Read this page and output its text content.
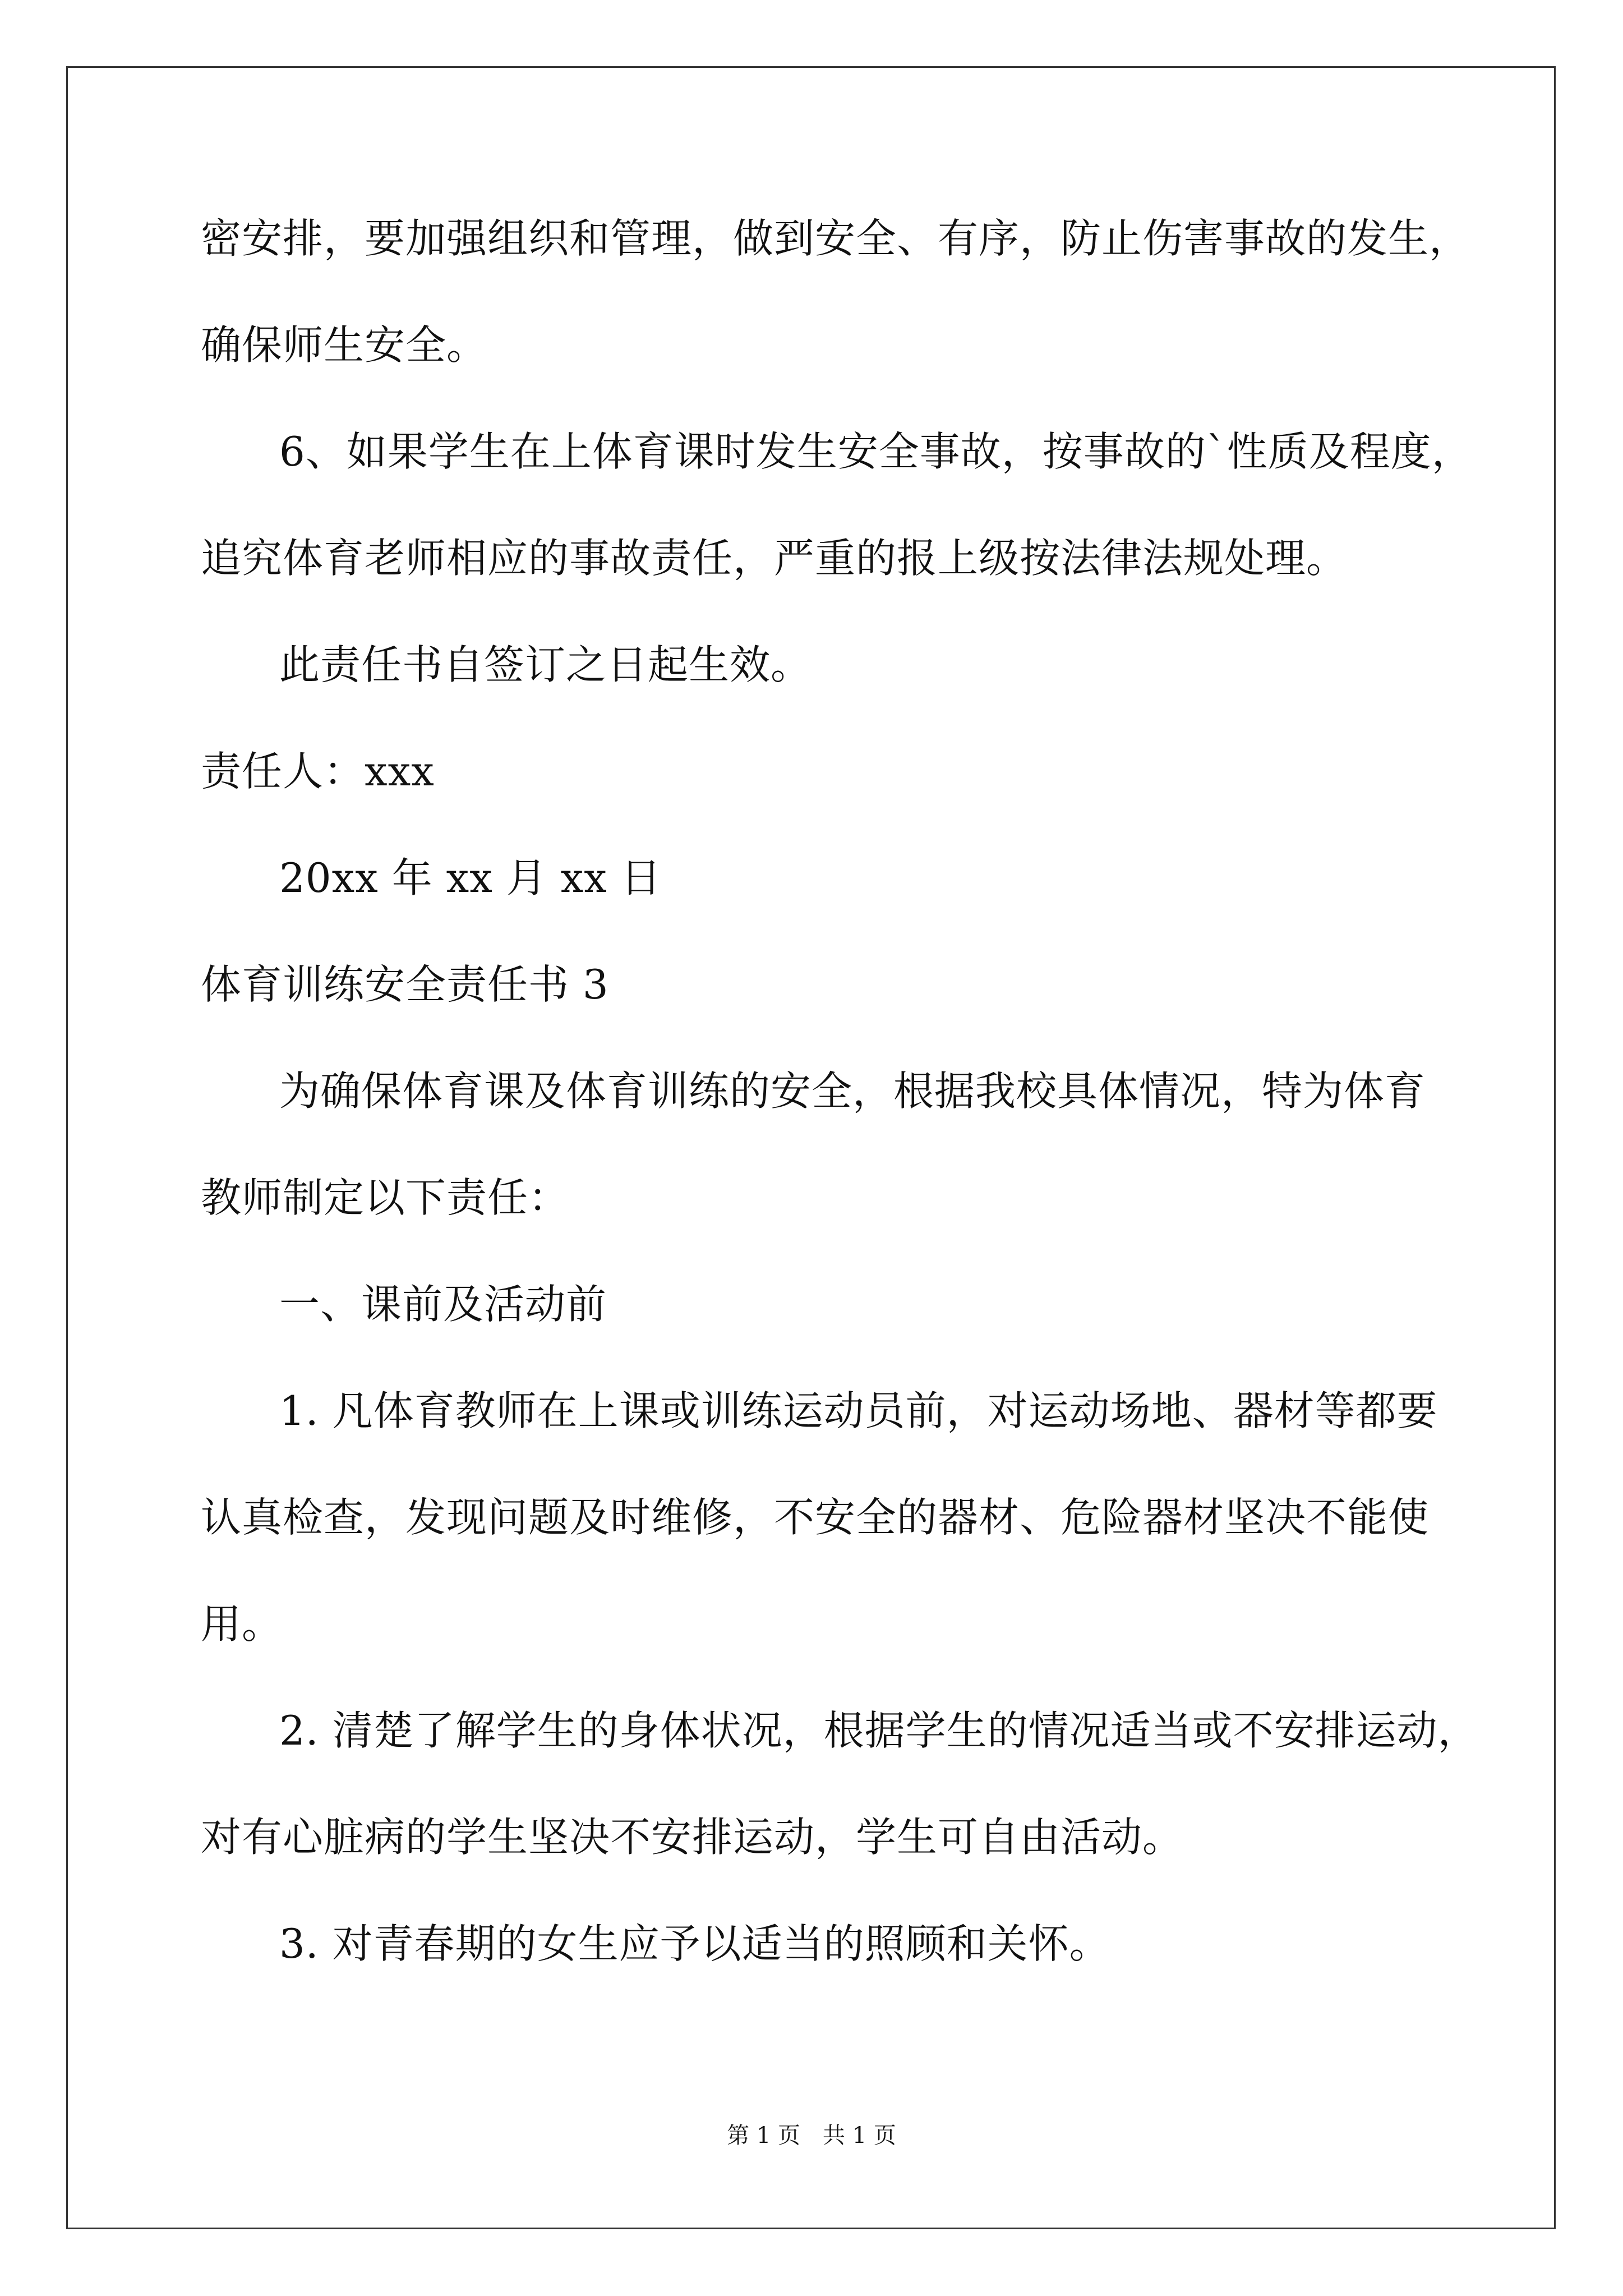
密安排，要加强组织和管理，做到安全、有序，防止伤害事故的发生，
确保师生安全。
6、如果学生在上体育课时发生安全事故，按事故的`性质及程度，
追究体育老师相应的事故责任，严重的报上级按法律法规处理。
此责任书自签订之日起生效。
责任人：xxx
20xx 年 xx 月 xx 日
体育训练安全责任书 3
为确保体育课及体育训练的安全，根据我校具体情况，特为体育
教师制定以下责任：
一、课前及活动前
1. 凡体育教师在上课或训练运动员前，对运动场地、器材等都要
认真检查，发现问题及时维修，不安全的器材、危险器材坚决不能使
用。
2. 清楚了解学生的身体状况，根据学生的情况适当或不安排运动，
对有心脏病的学生坚决不安排运动，学生可自由活动。
3. 对青春期的女生应予以适当的照顾和关怀。
第 1 页　共 1 页
